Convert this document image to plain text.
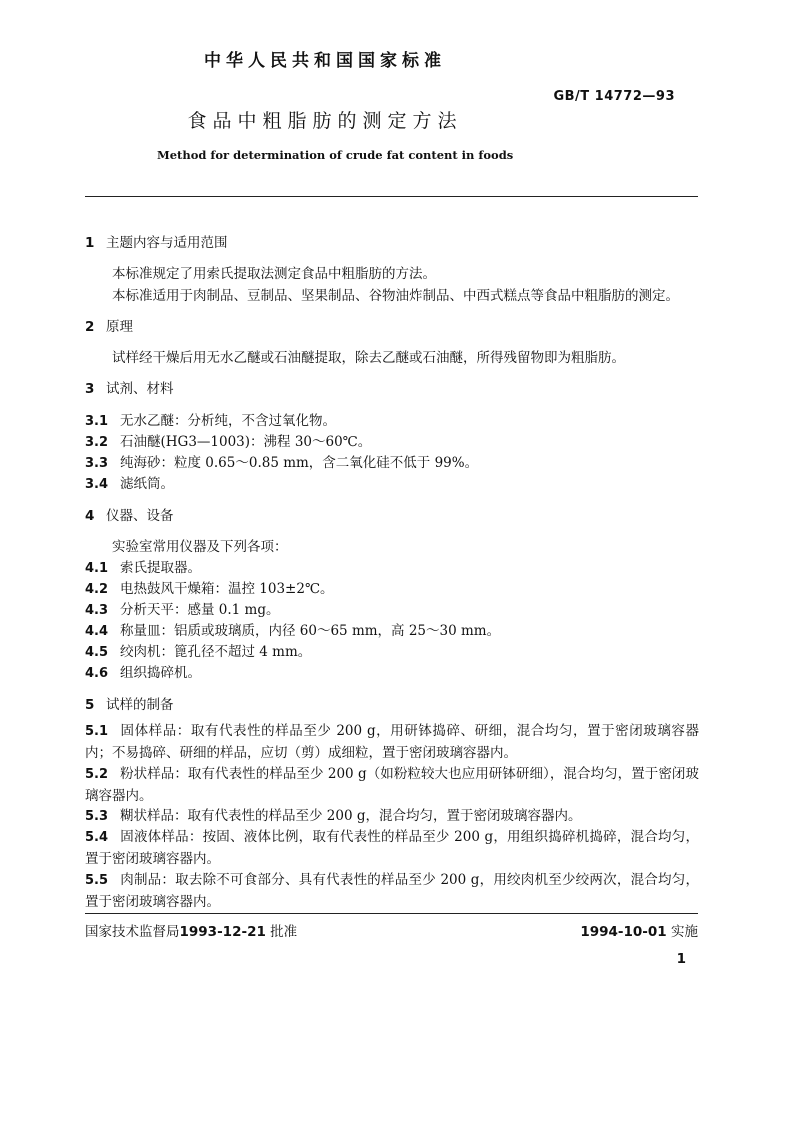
中华人民共和国国家标准
GB/T 14772—93
食品中粗脂肪的测定方法
Method for determination of crude fat content in foods
1 主题内容与适用范围
本标准规定了用索氏提取法测定食品中粗脂肪的方法。
本标准适用于肉制品、豆制品、坚果制品、谷物油炸制品、中西式糕点等食品中粗脂肪的测定。
2 原理
试样经干燥后用无水乙醚或石油醚提取，除去乙醚或石油醚，所得残留物即为粗脂肪。
3 试剂、材料
3.1 无水乙醚：分析纯，不含过氧化物。
3.2 石油醚(HG3—1003)：沸程 30～60℃。
3.3 纯海砂：粒度 0.65～0.85 mm，含二氧化硅不低于 99%。
3.4 滤纸筒。
4 仪器、设备
实验室常用仪器及下列各项：
4.1 索氏提取器。
4.2 电热鼓风干燥箱：温控 103±2℃。
4.3 分析天平：感量 0.1 mg。
4.4 称量皿：铝质或玻璃质，内径 60～65 mm，高 25～30 mm。
4.5 绞肉机：篦孔径不超过 4 mm。
4.6 组织捣碎机。
5 试样的制备
5.1 固体样品：取有代表性的样品至少 200 g，用研钵捣碎、研细，混合均匀，置于密闭玻璃容器内；不易捣碎、研细的样品，应切（剪）成细粒，置于密闭玻璃容器内。
5.2 粉状样品：取有代表性的样品至少 200 g（如粉粒较大也应用研钵研细），混合均匀，置于密闭玻璃容器内。
5.3 糊状样品：取有代表性的样品至少 200 g，混合均匀，置于密闭玻璃容器内。
5.4 固液体样品：按固、液体比例，取有代表性的样品至少 200 g，用组织捣碎机捣碎，混合均匀，置于密闭玻璃容器内。
5.5 肉制品：取去除不可食部分、具有代表性的样品至少 200 g，用绞肉机至少绞两次，混合均匀，置于密闭玻璃容器内。
国家技术监督局1993-12-21 批准	1994-10-01 实施
1
